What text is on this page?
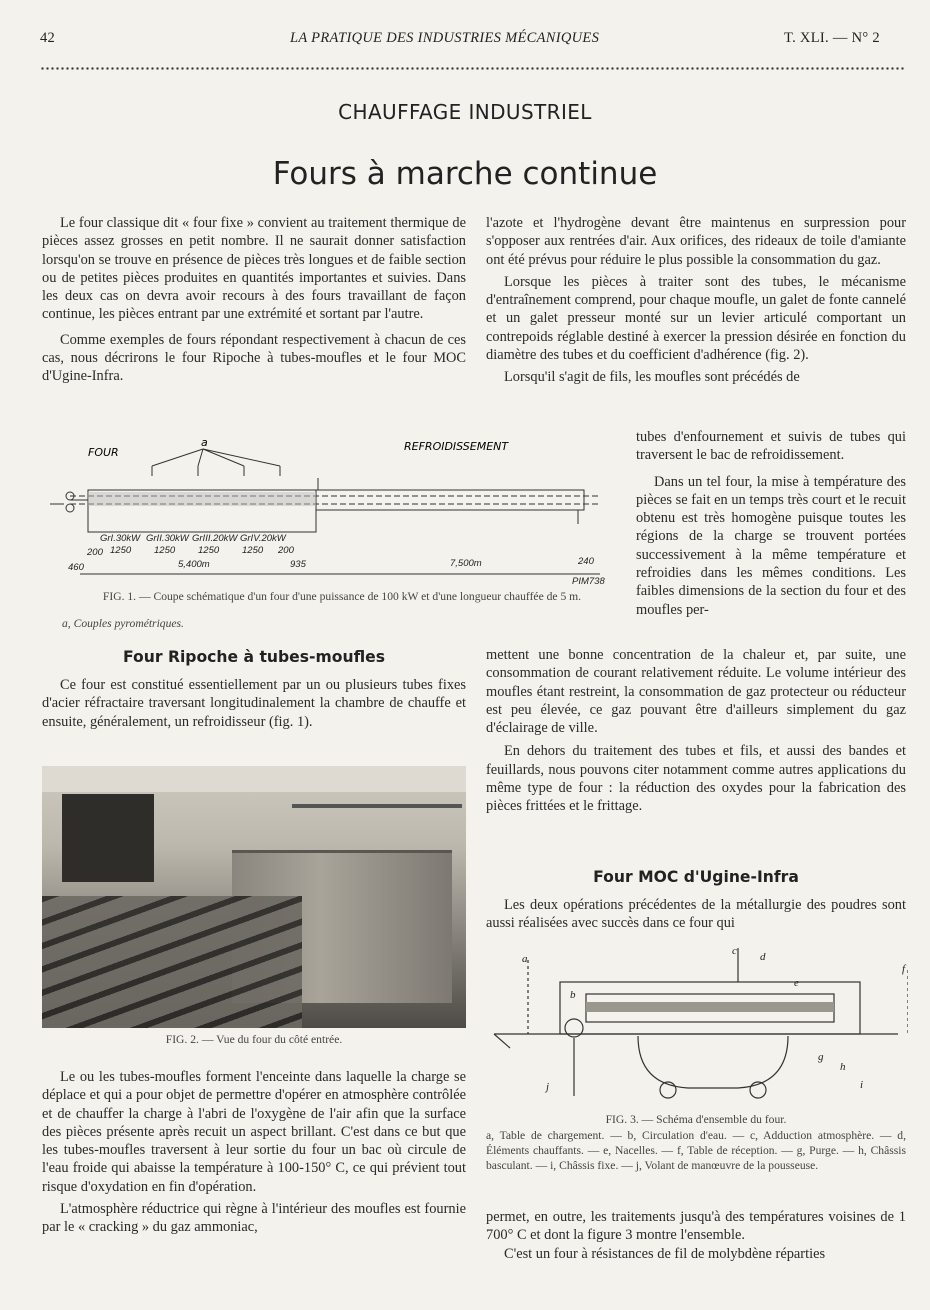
42	LA PRATIQUE DES INDUSTRIES MÉCANIQUES	T. XLI. — N° 2
CHAUFFAGE INDUSTRIEL
Fours à marche continue

Le four classique dit « four fixe » convient au traitement thermique de pièces assez grosses en petit nombre. Il ne saurait donner satisfaction lorsqu'on se trouve en présence de pièces très longues et de faible section ou de petites pièces produites en quantités importantes et suivies. Dans les deux cas on devra avoir recours à des fours travaillant de façon continue, les pièces entrant par une extrémité et sortant par l'autre.

Comme exemples de fours répondant respectivement à chacun de ces cas, nous décrirons le four Ripoche à tubes-moufles et le four MOC d'Ugine-Infra.

FOUR
a	REFROIDISSEMENT
GrI.30kW GrII.30kW GrIII.20kW GrIV.20kW
200 1250 1250 1250 1250 200
460	5,400m	935	7,500m	240
PIM738
FIG. 1. — Coupe schématique d'un four d'une puissance de 100 kW et d'une longueur chauffée de 5 m.
a, Couples pyrométriques.
Four Ripoche à tubes-moufles

Ce four est constitué essentiellement par un ou plusieurs tubes fixes d'acier réfractaire traversant longitudinalement la chambre de chauffe et ensuite, généralement, un refroidisseur (fig. 1).

FIG. 2. — Vue du four du côté entrée.

Le ou les tubes-moufles forment l'enceinte dans laquelle la charge se déplace et qui a pour objet de permettre d'opérer en atmosphère contrôlée et de chauffer la charge à l'abri de l'oxygène de l'air afin que la surface des pièces présente après recuit un aspect brillant. C'est dans ce but que les tubes-moufles traversent à leur sortie du four un bac où circule de l'eau froide qui abaisse la température à 100-150° C, ce qui prévient tout risque d'oxydation en fin d'opération.

L'atmosphère réductrice qui règne à l'intérieur des moufles est fournie par le « cracking » du gaz ammoniac,

l'azote et l'hydrogène devant être maintenus en surpression pour s'opposer aux rentrées d'air. Aux orifices, des rideaux de toile d'amiante ont été prévus pour réduire le plus possible la consommation du gaz.

Lorsque les pièces à traiter sont des tubes, le mécanisme d'entraînement comprend, pour chaque moufle, un galet de fonte cannelé et un galet presseur monté sur un levier articulé comportant un contrepoids réglable destiné à exercer la pression désirée en fonction du diamètre des tubes et du coefficient d'adhérence (fig. 2).

Lorsqu'il s'agit de fils, les moufles sont précédés de

tubes d'enfournement et suivis de tubes qui traversent le bac de refroidissement.

Dans un tel four, la mise à température des pièces se fait en un temps très court et le recuit obtenu est très homogène puisque toutes les régions de la charge se trouvent portées successivement à la même température et refroidies dans les mêmes conditions. Les faibles dimensions de la section du four et des moufles per-

mettent une bonne concentration de la chaleur et, par suite, une consommation de courant relativement réduite. Le volume intérieur des moufles étant restreint, la consommation de gaz protecteur ou réducteur est peu élevée, ce gaz pouvant être d'ailleurs simplement du gaz d'éclairage de ville.

En dehors du traitement des tubes et fils, et aussi des bandes et feuillards, nous pouvons citer notamment comme autres applications du même type de four : la réduction des oxydes pour la fabrication des pièces frittées et le frittage.

Four MOC d'Ugine-Infra

Les deux opérations précédentes de la métallurgie des poudres sont aussi réalisées avec succès dans ce four qui

a
b
c d
e
f
g
h
i
j
FIG. 3. — Schéma d'ensemble du four.
a, Table de chargement. — b, Circulation d'eau. — c, Adduction atmosphère. — d, Éléments chauffants. — e, Nacelles. — f, Table de réception. — g, Purge. — h, Châssis basculant. — i, Châssis fixe. — j, Volant de manœuvre de la pousseuse.

permet, en outre, les traitements jusqu'à des températures voisines de 1 700° C et dont la figure 3 montre l'ensemble.

C'est un four à résistances de fil de molybdène réparties
